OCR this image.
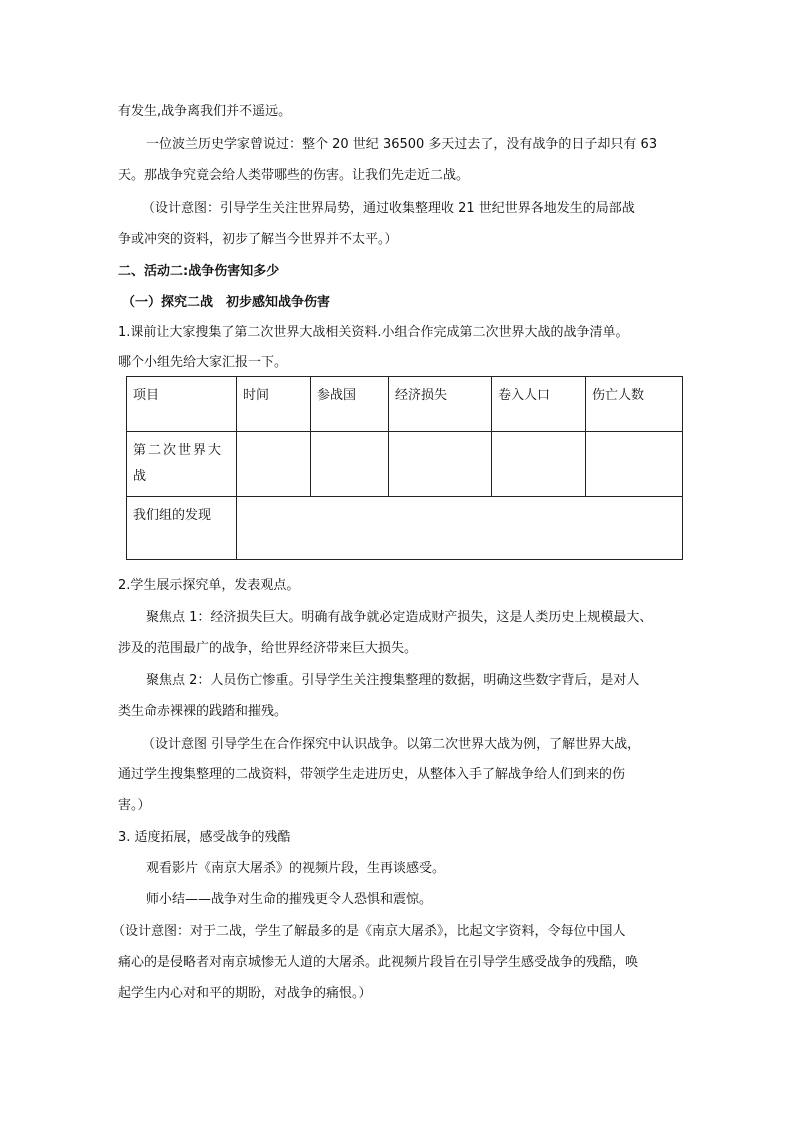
有发生,战争离我们并不遥远。
一位波兰历史学家曾说过：整个 20 世纪 36500 多天过去了，没有战争的日子却只有 63
天。那战争究竟会给人类带哪些的伤害。让我们先走近二战。
（设计意图：引导学生关注世界局势，通过收集整理收 21 世纪世界各地发生的局部战
争或冲突的资料，初步了解当今世界并不太平。）
二、活动二:战争伤害知多少
（一）探究二战　初步感知战争伤害
1.课前让大家搜集了第二次世界大战相关资料.小组合作完成第二次世界大战的战争清单。
哪个小组先给大家汇报一下。
项目	时间	参战国	经济损失	卷入人口	伤亡人数

第二次世界大
战					

我们组的发现					
2.学生展示探究单，发表观点。
聚焦点 1：经济损失巨大。明确有战争就必定造成财产损失，这是人类历史上规模最大、
涉及的范围最广的战争，给世界经济带来巨大损失。
聚焦点 2：人员伤亡惨重。引导学生关注搜集整理的数据，明确这些数字背后，是对人
类生命赤裸裸的践踏和摧残。
（设计意图 引导学生在合作探究中认识战争。以第二次世界大战为例，了解世界大战，
通过学生搜集整理的二战资料，带领学生走进历史，从整体入手了解战争给人们到来的伤
害。）
3. 适度拓展，感受战争的残酷
观看影片《南京大屠杀》的视频片段，生再谈感受。
师小结——战争对生命的摧残更令人恐惧和震惊。
（设计意图：对于二战，学生了解最多的是《南京大屠杀》，比起文字资料，令每位中国人
痛心的是侵略者对南京城惨无人道的大屠杀。此视频片段旨在引导学生感受战争的残酷，唤
起学生内心对和平的期盼，对战争的痛恨。）
